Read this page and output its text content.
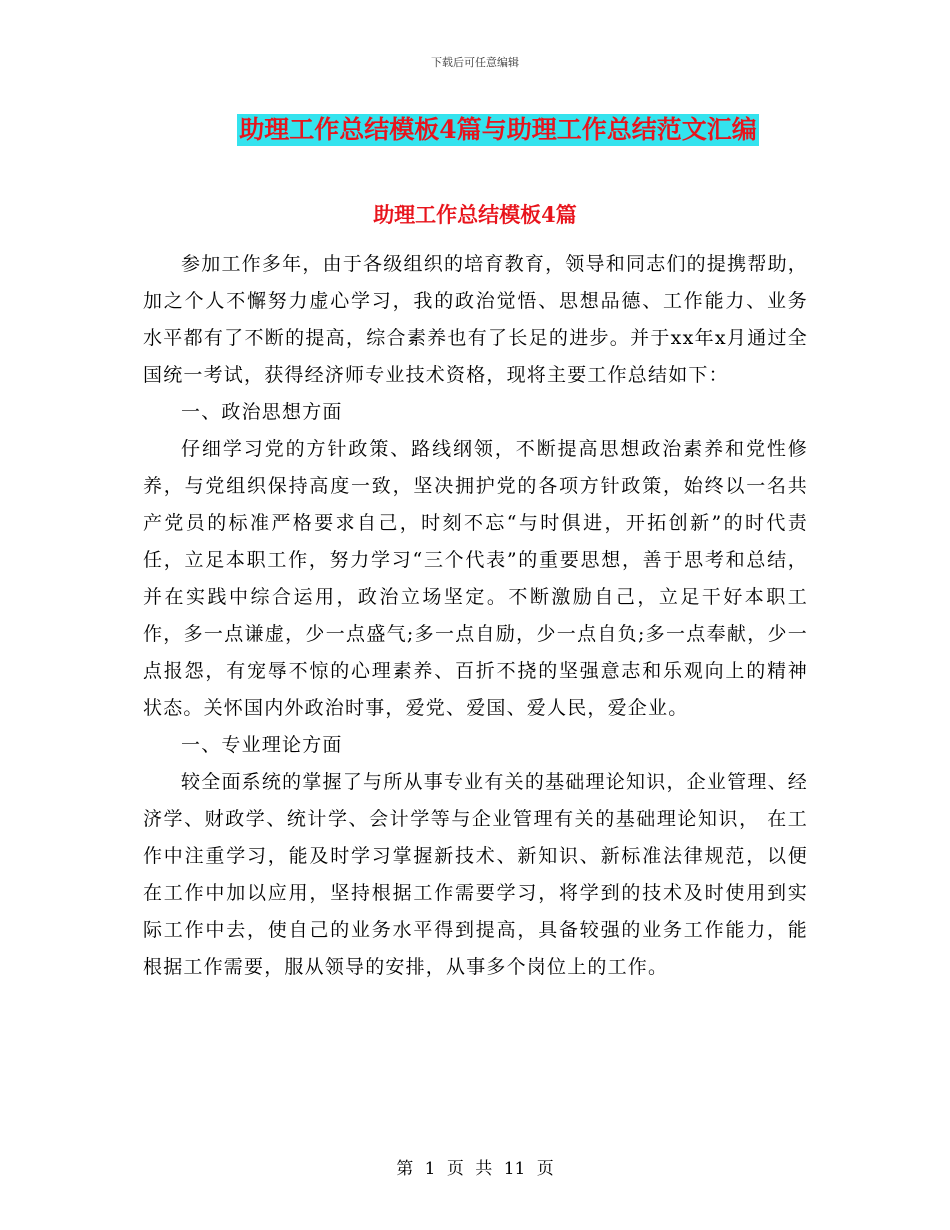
下载后可任意编辑
助理工作总结模板4篇与助理工作总结范文汇编
助理工作总结模板4篇

参加工作多年，由于各级组织的培育教育，领导和同志们的提携帮助，加之个人不懈努力虚心学习，我的政治觉悟、思想品德、工作能力、业务水平都有了不断的提高，综合素养也有了长足的进步。并于xx年x月通过全国统一考试，获得经济师专业技术资格，现将主要工作总结如下：

一、政治思想方面

仔细学习党的方针政策、路线纲领，不断提高思想政治素养和党性修养，与党组织保持高度一致，坚决拥护党的各项方针政策，始终以一名共产党员的标准严格要求自己，时刻不忘“与时俱进，开拓创新”的时代责任，立足本职工作，努力学习“三个代表”的重要思想，善于思考和总结，并在实践中综合运用，政治立场坚定。不断激励自己，立足干好本职工作，多一点谦虚，少一点盛气;多一点自励，少一点自负;多一点奉献，少一点报怨，有宠辱不惊的心理素养、百折不挠的坚强意志和乐观向上的精神状态。关怀国内外政治时事，爱党、爱国、爱人民，爱企业。

一、专业理论方面

较全面系统的掌握了与所从事专业有关的基础理论知识，企业管理、经济学、财政学、统计学、会计学等与企业管理有关的基础理论知识， 在工作中注重学习，能及时学习掌握新技术、新知识、新标准法律规范，以便在工作中加以应用，坚持根据工作需要学习，将学到的技术及时使用到实际工作中去，使自己的业务水平得到提高，具备较强的业务工作能力，能根据工作需要，服从领导的安排，从事多个岗位上的工作。

第 1 页 共 11 页
